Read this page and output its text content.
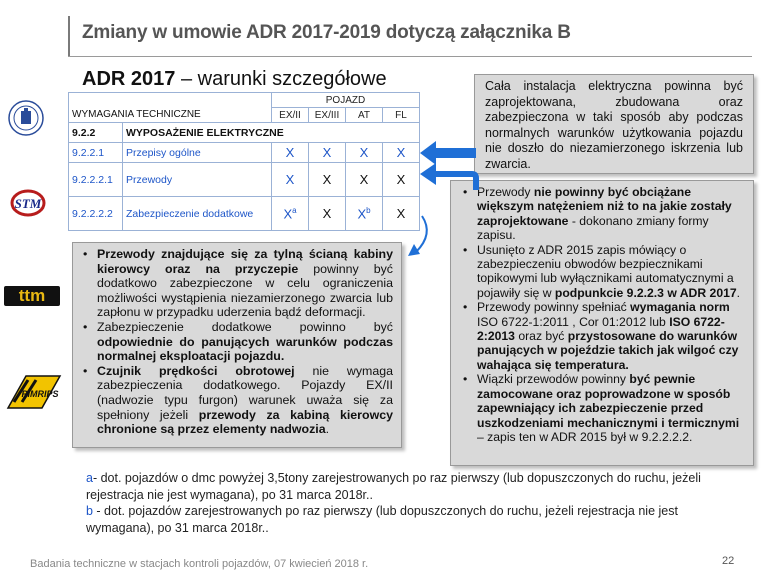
Zmiany w umowie ADR 2017-2019 dotyczą załącznika B
ADR 2017 – warunki szczegółowe
STM
ttm
PIMRIPS
		POJAZD			
WYMAGANIA TECHNICZNE		EX/II	EX/III	AT	FL
9.2.2	WYPOSAŻENIE ELEKTRYCZNE				
9.2.2.1	Przepisy ogólne	X	X	X	X
9.2.2.2.1	Przewody	X	X	X	X
9.2.2.2.2	Zabezpieczenie dodatkowe	$X^a$	X	$X^b$	X
Cała instalacja elektryczna powinna być zaprojektowana, zbudowana oraz zabezpieczona w taki sposób aby podczas normalnych warunków użytkowania pojazdu nie doszło do niezamierzonego iskrzenia lub zwarcia.
• Przewody nie powinny być obciążane większym natężeniem niż to na jakie zostały zaprojektowane - dokonano zmiany formy zapisu.
• Usunięto z ADR 2015 zapis mówiący o zabezpieczeniu obwodów bezpiecznikami topikowymi lub wyłącznikami automatycznymi a pojawiły się w podpunkcie 9.2.2.3 w ADR 2017.
• Przewody powinny spełniać wymagania norm ISO 6722-1:2011 , Cor 01:2012 lub ISO 6722-2:2013 oraz być przystosowane do warunków panujących w pojeździe takich jak wilgoć czy wahająca się temperatura.
• Wiązki przewodów powinny być pewnie zamocowane oraz poprowadzone w sposób zapewniający ich zabezpieczenie przed uszkodzeniami mechanicznymi i termicznymi – zapis ten w ADR 2015 był w 9.2.2.2.2.
• Przewody znajdujące się za tylną ścianą kabiny kierowcy oraz na przyczepie powinny być dodatkowo zabezpieczone w celu ograniczenia możliwości wystąpienia niezamierzonego zwarcia lub zapłonu w przypadku uderzenia bądź deformacji.
• Zabezpieczenie dodatkowe powinno być odpowiednie do panujących warunków podczas normalnej eksploatacji pojazdu.
• Czujnik prędkości obrotowej nie wymaga zabezpieczenia dodatkowego. Pojazdy EX/II (nadwozie typu furgon) warunek uważa się za spełniony jeżeli przewody za kabiną kierowcy chronione są przez elementy nadwozia.
a- dot. pojazdów o dmc powyżej 3,5tony zarejestrowanych po raz pierwszy (lub dopuszczonych do ruchu, jeżeli rejestracja nie jest wymagana), po 31 marca 2018r..
b - dot. pojazdów zarejestrowanych po raz pierwszy (lub dopuszczonych do ruchu, jeżeli rejestracja nie jest wymagana), po 31 marca 2018r..
Badania techniczne w stacjach kontroli pojazdów, 07 kwiecień 2018 r.	22
